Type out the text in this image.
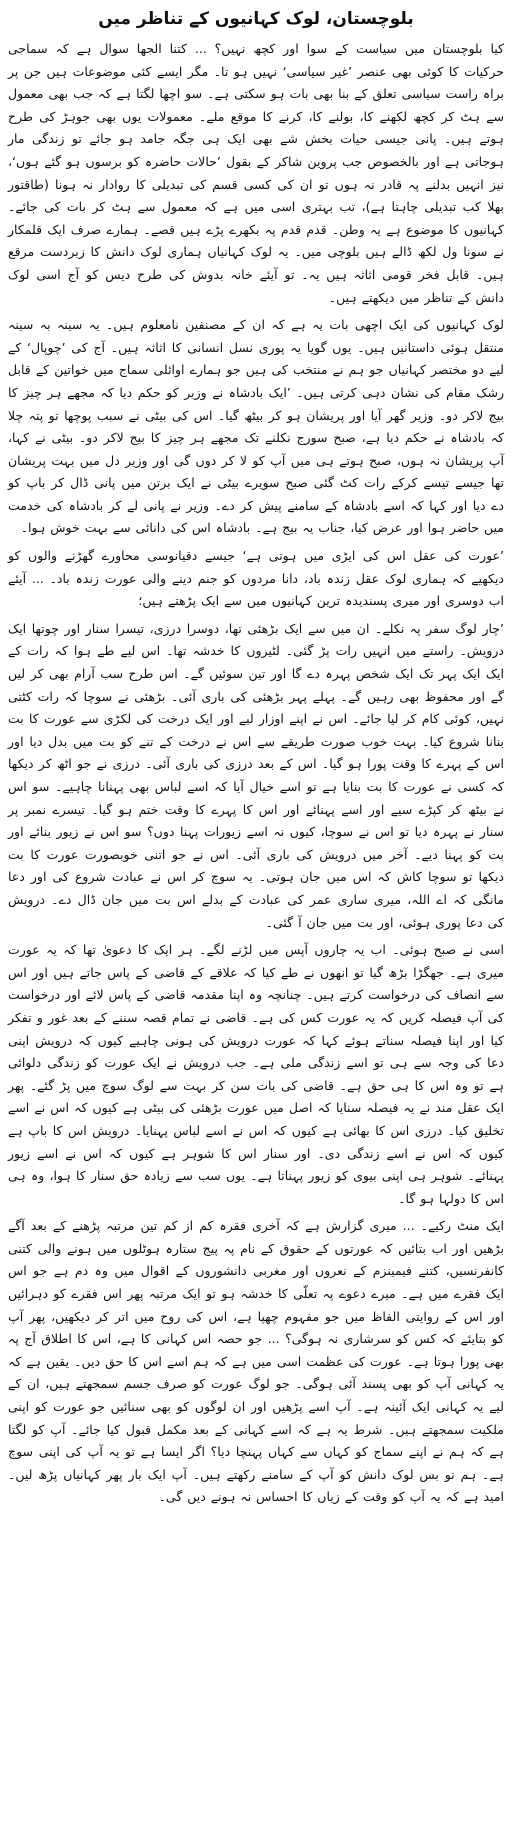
بلوچستان، لوک کہانیوں کے تناظر میں

کیا بلوچستان میں سیاست کے سوا اور کچھ نہیں؟ ... کتنا الجھا سوال ہے کہ سماجی حرکیات کا کوئی بھی عنصر ’غیر سیاسی‘ نہیں ہو تا۔ مگر ایسے کئی موضوعات ہیں جن پر براہ راست سیاسی تعلق کے بنا بھی بات ہو سکتی ہے۔ سو اچھا لگتا ہے کہ جب بھی معمول سے ہٹ کر کچھ لکھنے کا، بولنے کا، کرنے کا موقع ملے۔ معمولات یوں بھی جوہڑ کی طرح ہوتے ہیں۔ پانی جیسی حیات بخش شے بھی ایک ہی جگہ جامد ہو جائے تو زندگی مار ہوجاتی ہے اور بالخصوص جب پروین شاکر کے بقول ’حالات حاضرہ کو برسوں ہو گئے ہوں‘، نیز انہیں بدلنے پہ قادر نہ ہوں تو ان کی کسی قسم کی تبدیلی کا روادار نہ ہونا (طاقتور بھلا کب تبدیلی چاہتا ہے)، تب بہتری اسی میں ہے کہ معمول سے ہٹ کر بات کی جائے۔ کہانیوں کا موضوع ہے یہ وطن۔ قدم قدم پہ بکھرے پڑے ہیں قصے۔ ہمارے صرف ایک قلمکار نے سونا ول لکھ ڈالے ہیں بلوچی میں۔ یہ لوک کہانیاں ہماری لوک دانش کا زبردست مرقع ہیں۔ قابل فخر قومی اثاثہ ہیں یہ۔ تو آیئے خانہ بدوش کی طرح دیس کو آج اسی لوک دانش کے تناظر میں دیکھتے ہیں۔

لوک کہانیوں کی ایک اچھی بات یہ ہے کہ ان کے مصنفین نامعلوم ہیں۔ یہ سینہ بہ سینہ منتقل ہوئی داستانیں ہیں۔ یوں گویا یہ پوری نسل انسانی کا اثاثہ ہیں۔ آج کی ’چوپال‘ کے لیے دو مختصر کہانیاں جو ہم نے منتخب کی ہیں جو ہمارے اوائلی سماج میں خواتین کے قابل رشک مقام کی نشان دہی کرتی ہیں۔ ’ایک بادشاہ نے وزیر کو حکم دیا کہ مجھے ہر چیز کا بیج لاکر دو۔ وزیر گھر آیا اور پریشان ہو کر بیٹھ گیا۔ اس کی بیٹی نے سبب پوچھا تو پتہ چلا کہ بادشاہ نے حکم دیا ہے، صبح سورج نکلنے تک مجھے ہر چیز کا بیج لاکر دو۔ بیٹی نے کہا، آپ پریشان نہ ہوں، صبح ہوتے ہی میں آپ کو لا کر دوں گی اور وزیر دل میں بہت پریشان تھا جیسے تیسے کرکے رات کٹ گئی صبح سویرے بیٹی نے ایک برتن میں پانی ڈال کر باپ کو دے دیا اور کہا کہ اسے بادشاہ کے سامنے پیش کر دے۔ وزیر نے پانی لے کر بادشاہ کی خدمت میں حاضر ہوا اور عرض کیا، جناب یہ بیج ہے۔ بادشاہ اس کی دانائی سے بہت خوش ہوا۔

’عورت کی عقل اس کی ایڑی میں ہوتی ہے‘ جیسے دقیانوسی محاورے گھڑنے والوں کو دیکھیے کہ ہماری لوک عقل زندہ باد، دانا مردوں کو جنم دینے والی عورت زندہ باد۔ ... آیئے اب دوسری اور میری پسندیدہ ترین کہانیوں میں سے ایک پڑھتے ہیں؛

’چار لوگ سفر پہ نکلے۔ ان میں سے ایک بڑھئی تھا، دوسرا درزی، تیسرا سنار اور چوتھا ایک درویش۔ راستے میں انہیں رات پڑ گئی۔ لٹیروں کا خدشہ تھا۔ اس لیے طے ہوا کہ رات کے ایک ایک پہر تک ایک شخص پہرہ دے گا اور تین سوئیں گے۔ اس طرح سب آرام بھی کر لیں گے اور محفوظ بھی رہیں گے۔ پہلے پہر بڑھئی کی باری آئی۔ بڑھئی نے سوچا کہ رات کٹتی نہیں، کوئی کام کر لیا جائے۔ اس نے اپنے اوزار لیے اور ایک درخت کی لکڑی سے عورت کا بت بنانا شروع کیا۔ بہت خوب صورت طریقے سے اس نے درخت کے تنے کو بت میں بدل دیا اور اس کے پہرے کا وقت پورا ہو گیا۔ اس کے بعد درزی کی باری آئی۔ درزی نے جو اٹھ کر دیکھا کہ کسی نے عورت کا بت بنایا ہے تو اسے خیال آیا کہ اسے لباس بھی پہنانا چاہیے۔ سو اس نے بیٹھ کر کپڑے سیے اور اسے پہنائے اور اس کا پہرے کا وقت ختم ہو گیا۔ تیسرے نمبر پر سنار نے پہرہ دیا تو اس نے سوچا، کیوں نہ اسے زیورات پہنا دوں؟ سو اس نے زیور بنائے اور بت کو پہنا دیے۔ آخر میں درویش کی باری آئی۔ اس نے جو اتنی خوبصورت عورت کا بت دیکھا تو سوچا کاش کہ اس میں جان ہوتی۔ یہ سوچ کر اس نے عبادت شروع کی اور دعا مانگی کہ اے اللہ، میری ساری عمر کی عبادت کے بدلے اس بت میں جان ڈال دے۔ درویش کی دعا پوری ہوئی، اور بت میں جان آ گئی۔

اسی نے صبح ہوئی۔ اب یہ چاروں آپس میں لڑنے لگے۔ ہر ایک کا دعویٰ تھا کہ یہ عورت میری ہے۔ جھگڑا بڑھ گیا تو انھوں نے طے کیا کہ علاقے کے قاضی کے پاس جاتے ہیں اور اس سے انصاف کی درخواست کرتے ہیں۔ چنانچہ وہ اپنا مقدمہ قاضی کے پاس لائے اور درخواست کی آپ فیصلہ کریں کہ یہ عورت کس کی ہے۔ قاضی نے تمام قصہ سننے کے بعد غور و تفکر کیا اور اپنا فیصلہ سناتے ہوئے کہا کہ عورت درویش کی ہونی چاہیے کیوں کہ درویش اپنی دعا کی وجہ سے ہی تو اسے زندگی ملی ہے۔ جب درویش نے ایک عورت کو زندگی دلوائی ہے تو وہ اس کا ہی حق ہے۔ قاضی کی بات سن کر بہت سے لوگ سوچ میں پڑ گئے۔ پھر ایک عقل مند نے یہ فیصلہ سنایا کہ اصل میں عورت بڑھئی کی بیٹی ہے کیوں کہ اس نے اسے تخلیق کیا۔ درزی اس کا بھائی ہے کیوں کہ اس نے اسے لباس پہنایا۔ درویش اس کا باپ ہے کیوں کہ اس نے اسے زندگی دی۔ اور سنار اس کا شوہر ہے کیوں کہ اس نے اسے زیور پہنائے۔ شوہر ہی اپنی بیوی کو زیور پہناتا ہے۔ یوں سب سے زیادہ حق سنار کا ہوا، وہ ہی اس کا دولہا ہو گا۔

ایک منٹ رکیے۔ ... میری گزارش ہے کہ آخری فقرہ کم از کم تین مرتبہ پڑھنے کے بعد آگے بڑھیں اور اب بتائیں کہ عورتوں کے حقوق کے نام پہ پیج ستارہ ہوٹلوں میں ہونے والی کتنی کانفرنسیں، کتنے فیمینزم کے نعروں اور مغربی دانشوروں کے اقوال میں وہ دم ہے جو اس ایک فقرے میں ہے۔ میرے دعوے پہ تعلّی کا خدشہ ہو تو ایک مرتبہ پھر اس فقرے کو دہرائیں اور اس کے روایتی الفاظ میں جو مفہوم چھپا ہے، اس کی روح میں اتر کر دیکھیں، پھر آپ کو بتایئے کہ کس کو سرشاری نہ ہوگی؟ ... جو حصہ اس کہانی کا ہے، اس کا اطلاق آج پہ بھی پورا ہوتا ہے۔ عورت کی عظمت اسی میں ہے کہ ہم اسے اس کا حق دیں۔ یقین ہے کہ یہ کہانی آپ کو بھی پسند آئی ہوگی۔ جو لوگ عورت کو صرف جسم سمجھتے ہیں، ان کے لیے یہ کہانی ایک آئینہ ہے۔ آپ اسے پڑھیں اور ان لوگوں کو بھی سنائیں جو عورت کو اپنی ملکیت سمجھتے ہیں۔ شرط یہ ہے کہ اسے کہانی کے بعد مکمل قبول کیا جائے۔ آپ کو لگتا ہے کہ ہم نے اپنے سماج کو کہاں سے کہاں پہنچا دیا؟ اگر ایسا ہے تو یہ آپ کی اپنی سوچ ہے۔ ہم تو بس لوک دانش کو آپ کے سامنے رکھتے ہیں۔ آپ ایک بار پھر کہانیاں پڑھ لیں۔ امید ہے کہ یہ آپ کو وقت کے زیاں کا احساس نہ ہونے دیں گی۔
